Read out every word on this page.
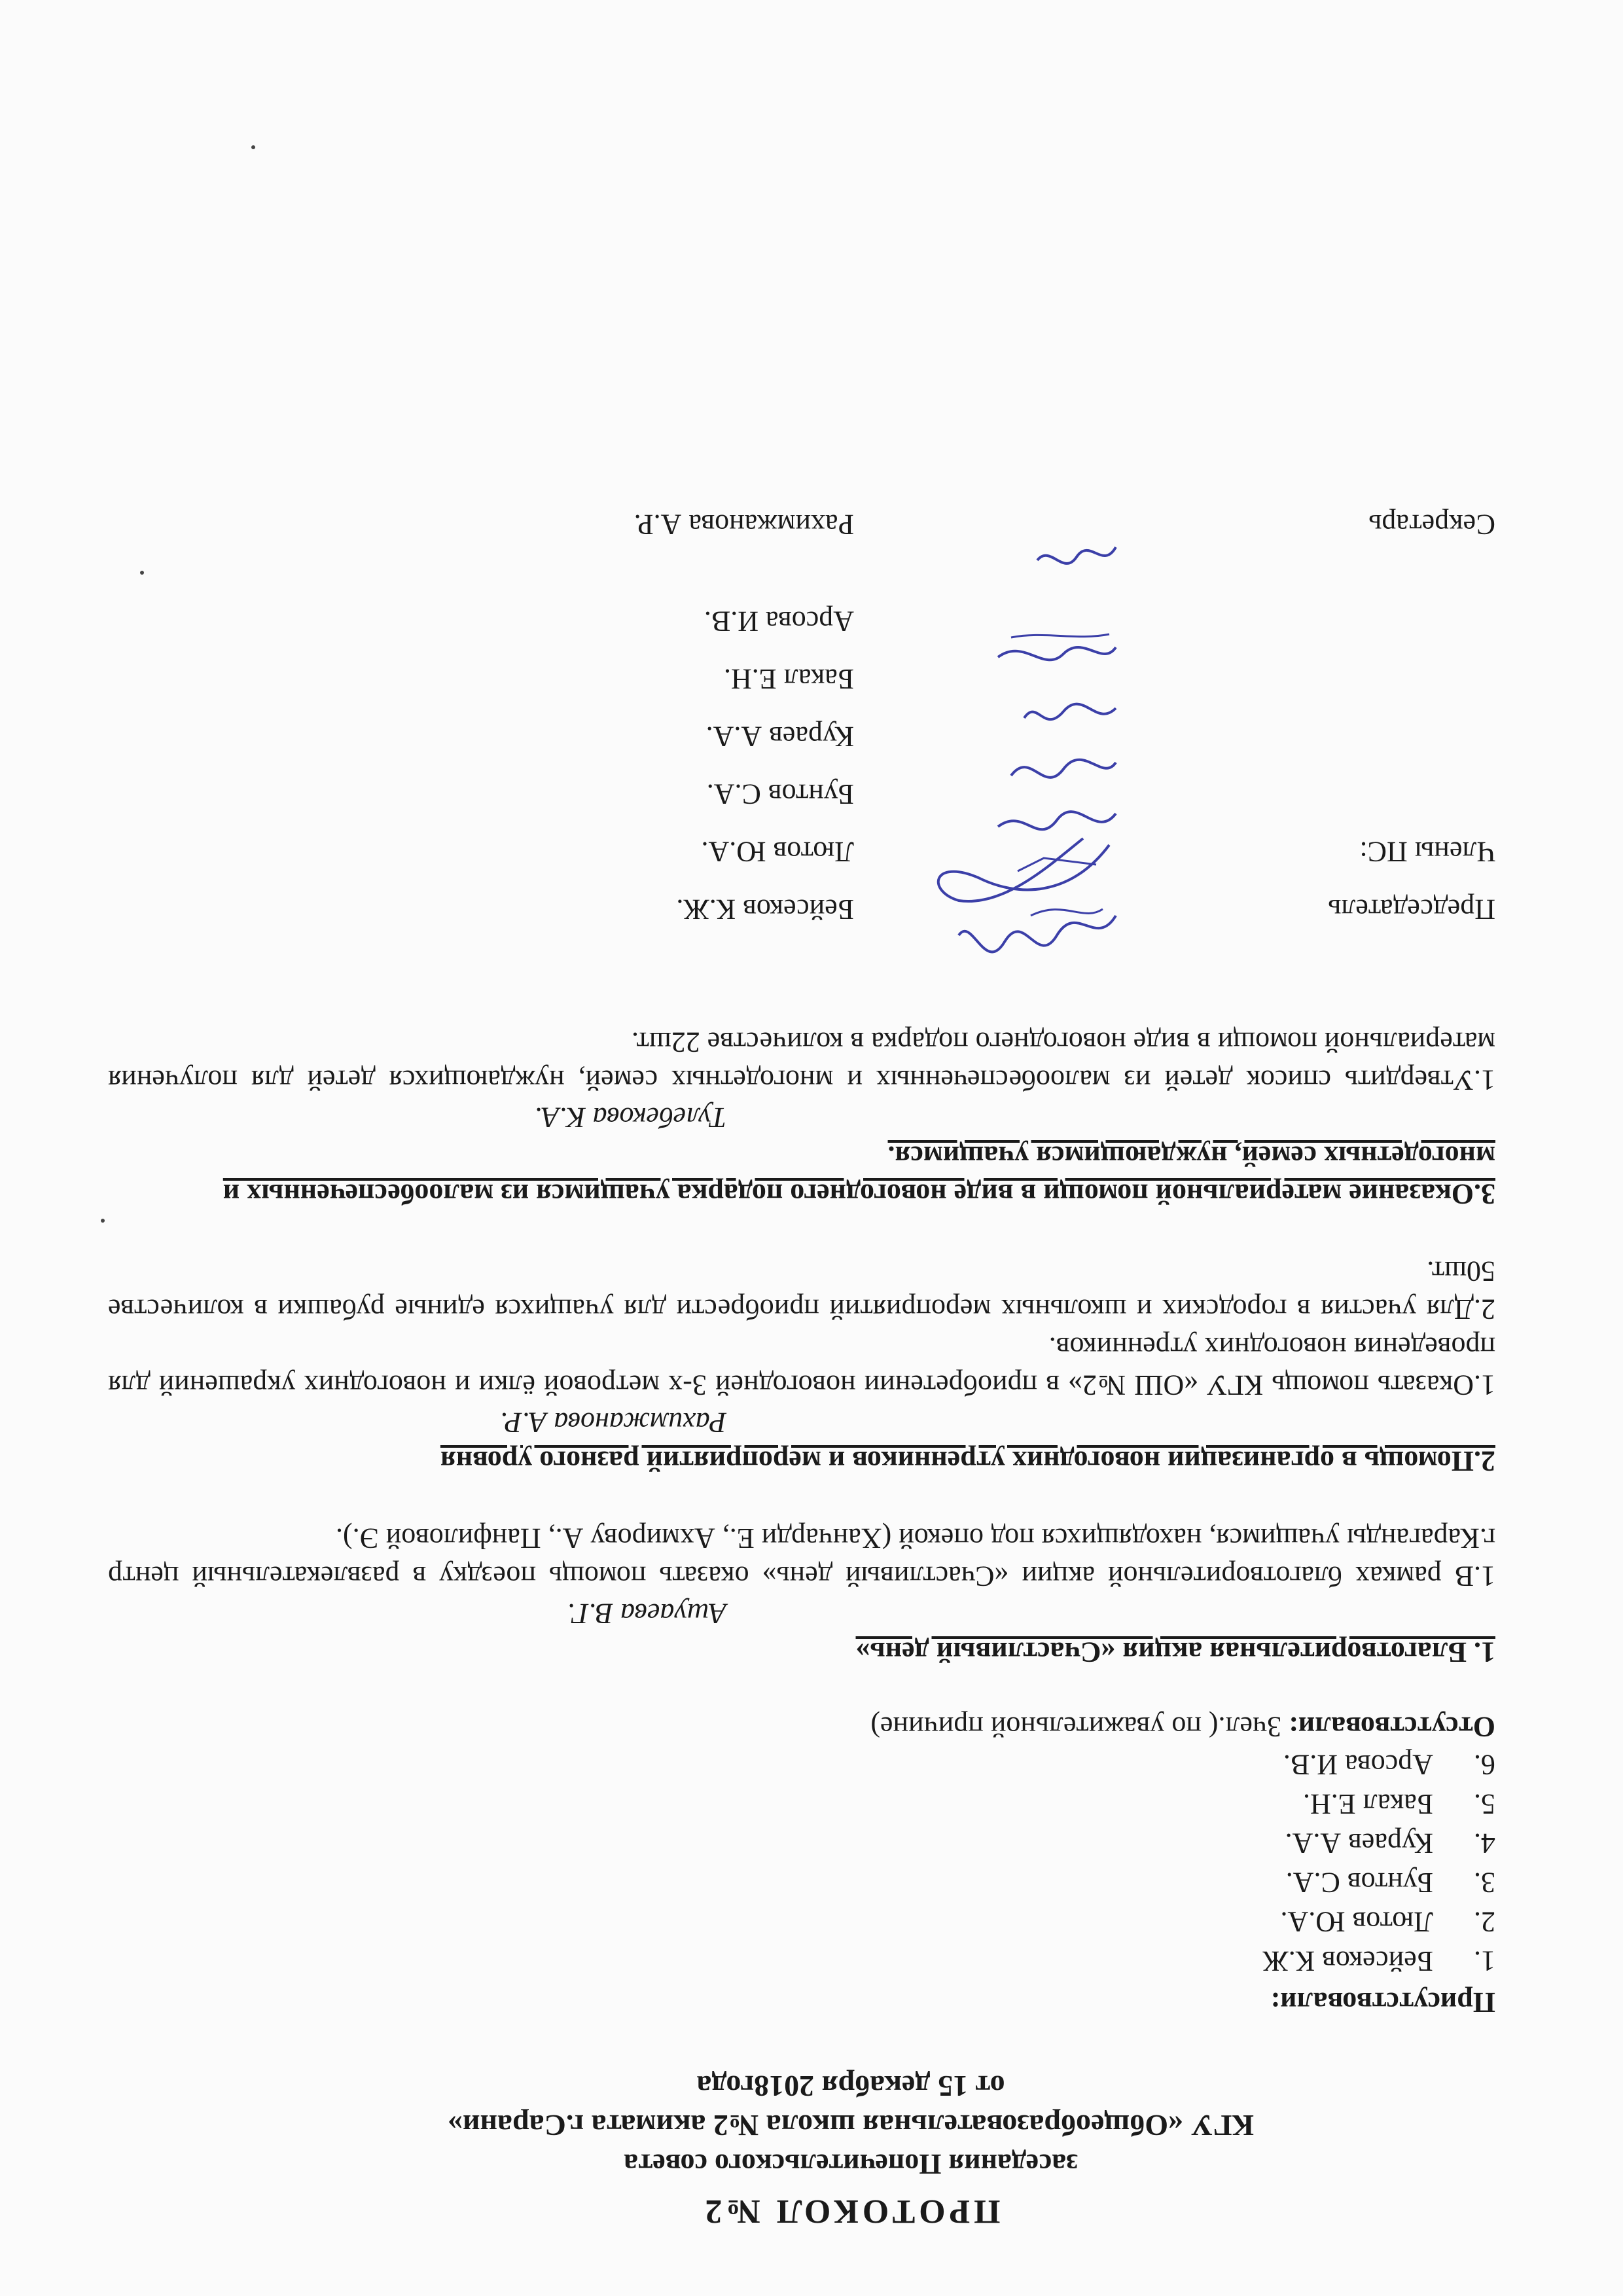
ПРОТОКОЛ №2
заседания Попечительского совета
КГУ «Общеобразовательная школа №2 акимата г.Сарани»
от 15 декабря 2018года
Присутствовали:
1.Бейсеков К.Ж
2.Лютов Ю.А.
3.Бунтов С.А.
4.Кураев А.А.
5.Бакал Е.Н.
6.Арсова И.В.
Отсутствовали: 3чел.( по уважительной причине)
1. Благотворительная акция «Счастливый день»
Ашуаева В.Г.
1.В рамках благотворительной акции «Счастливый день» оказать помощь поездку в развлекательный центр г.Караганды учащимся, находящихся под опекой (Ханчарди Е., Ахмирову А., Панфиловой Э.).
2.Помощь в организации новогодних утренников и мероприятий разного уровня
Рахимжанова А.Р.
1.Оказать помощь КГУ «ОШ №2» в приобретении новогодней 3-х метровой ёлки и новогодних украшений для проведения новогодних утренников.
2.Для участия в городских и школьных мероприятий приобрести для учащихся единые рубашки в количестве 50шт.
3.Оказание материальной помощи в виде новогоднего подарка учащимся из малообеспеченных и многодетных семей, нуждающимся учащимся.
Тулебекова К.А.
1.Утвердить список детей из малообеспеченных и многодетных семей, нуждающихся детей для получения материальной помощи в виде новогоднего подарка в количестве 22шт.
Председатель
Бейсеков К.Ж.
Члены ПС:
Лютов Ю.А.
Бунтов С.А.
Кураев А.А.
Бакал Е.Н.
Арсова И.В.
Секретарь
Рахимжанова А.Р.
